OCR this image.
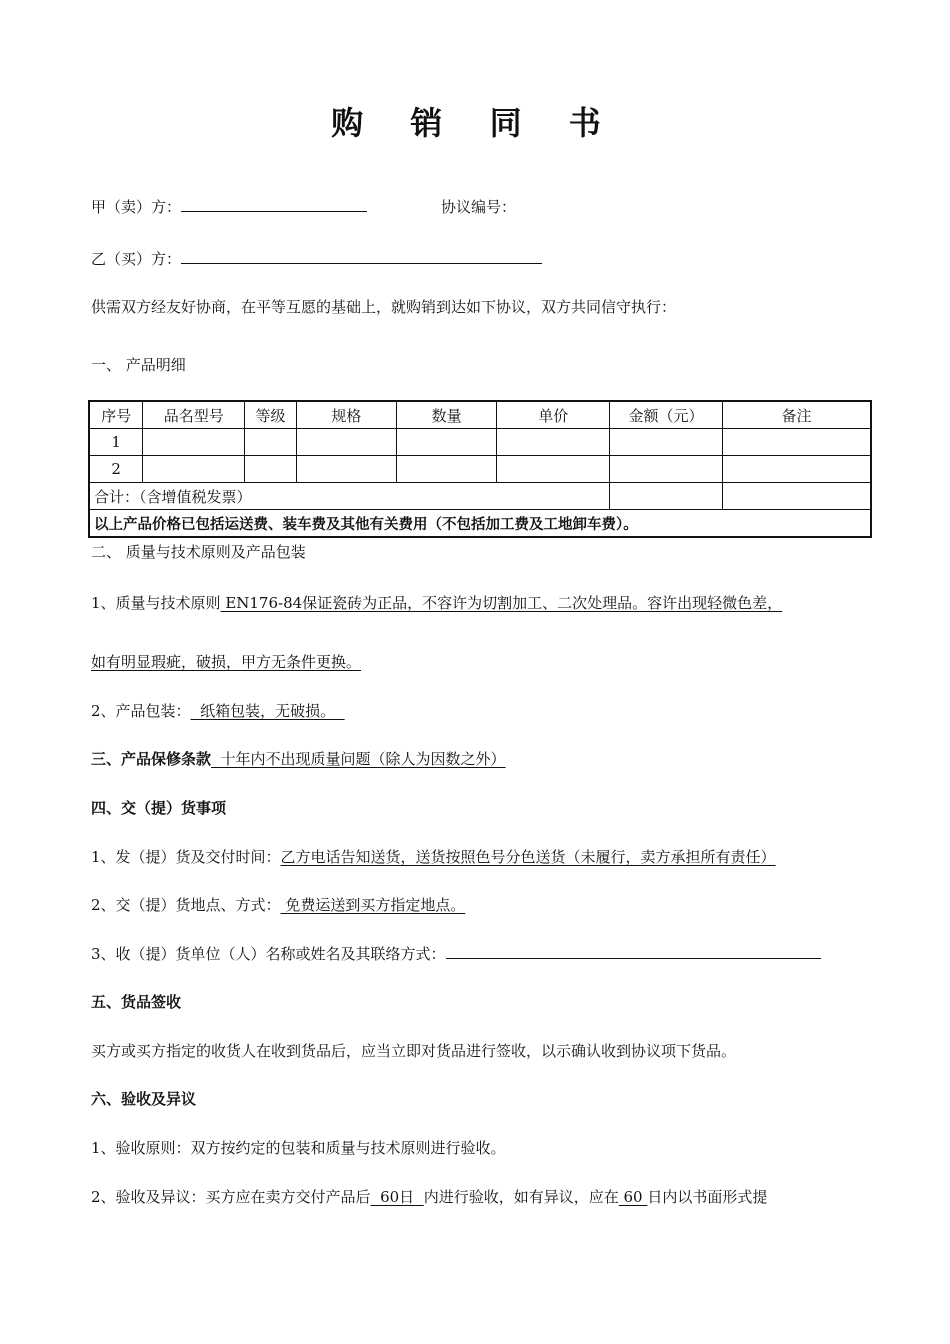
购 销 同 书
甲（卖）方：	协议编号：
乙（买）方：
供需双方经友好协商，在平等互愿的基础上，就购销到达如下协议，双方共同信守执行：
一、 产品明细
序号	品名型号	等级	规格	数量	单价	金额（元）	备注
1							
2							
合计：（含增值税发票）							
以上产品价格已包括运送费、装车费及其他有关费用（不包括加工费及工地卸车费）。							
二、 质量与技术原则及产品包装
1、质量与技术原则 EN176-84保证瓷砖为正品，不容许为切割加工、二次处理品。容许出现轻微色差，
如有明显瑕疵，破损，甲方无条件更换。
2、产品包装：  纸箱包装，无破损。
三、产品保修条款  十年内不出现质量问题（除人为因数之外）
四、交（提）货事项
1、发（提）货及交付时间：乙方电话告知送货，送货按照色号分色送货（未履行，卖方承担所有责任）
2、交（提）货地点、方式： 免费运送到买方指定地点。
3、收（提）货单位（人）名称或姓名及其联络方式：
五、货品签收
买方或买方指定的收货人在收到货品后，应当立即对货品进行签收，以示确认收到协议项下货品。
六、验收及异议
1、验收原则：双方按约定的包装和质量与技术原则进行验收。
2、验收及异议：买方应在卖方交付产品后  60日  内进行验收，如有异议，应在 60 日内以书面形式提
